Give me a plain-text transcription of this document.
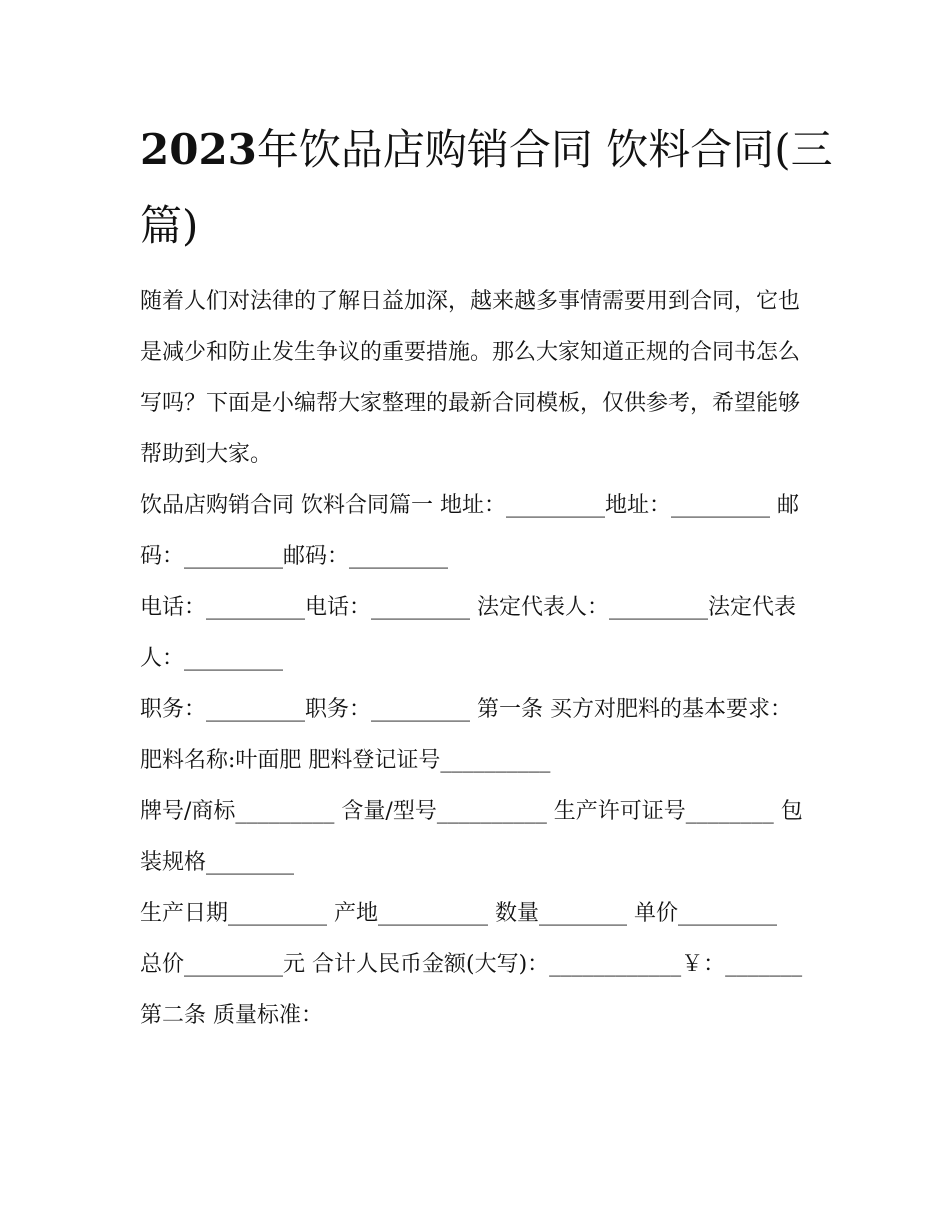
2023年饮品店购销合同 饮料合同(三篇)

随着人们对法律的了解日益加深，越来越多事情需要用到合同，它也是减少和防止发生争议的重要措施。那么大家知道正规的合同书怎么写吗？下面是小编帮大家整理的最新合同模板，仅供参考，希望能够帮助到大家。

饮品店购销合同 饮料合同篇一 地址：_________地址：_________ 邮码：_________邮码：_________

电话：_________电话：_________ 法定代表人：_________法定代表人：_________

职务：_________职务：_________ 第一条 买方对肥料的基本要求： 肥料名称:叶面肥 肥料登记证号__________

牌号/商标_________ 含量/型号__________ 生产许可证号________ 包装规格________

生产日期_________ 产地__________ 数量________ 单价_________

总价_________元 合计人民币金额(大写)：____________￥：_______ 第二条 质量标准：
